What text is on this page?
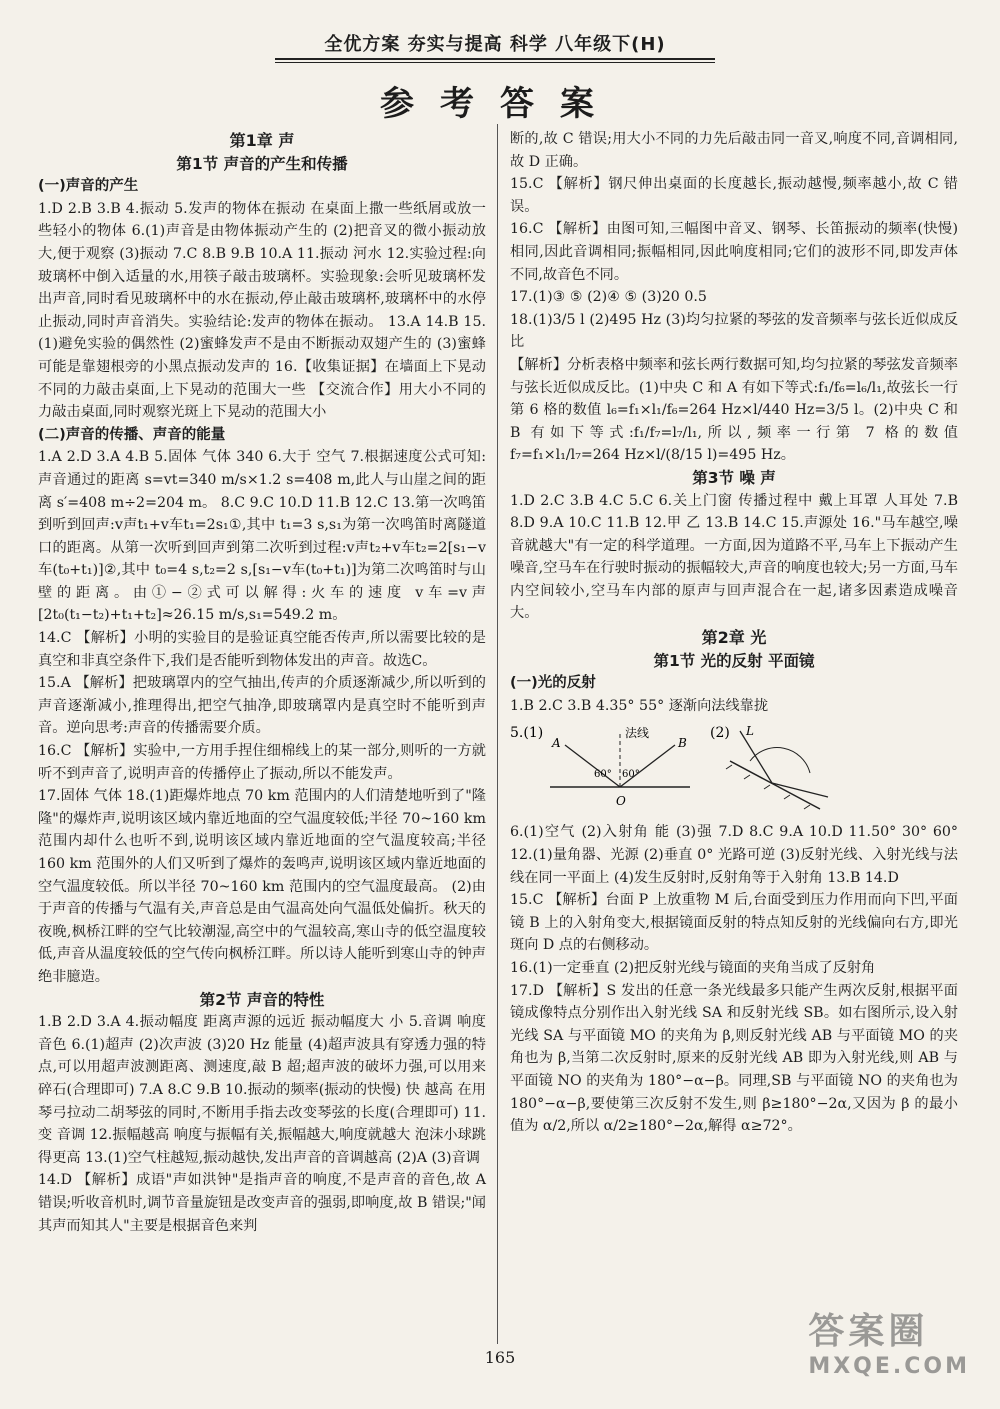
全优方案 夯实与提高 科学 八年级下(H)
参考答案

第1章 声

第1节 声音的产生和传播

(一)声音的产生

1.D 2.B 3.B 4.振动 5.发声的物体在振动 在桌面上撒一些纸屑或放一些轻小的物体 6.(1)声音是由物体振动产生的 (2)把音叉的微小振动放大,便于观察 (3)振动 7.C 8.B 9.B 10.A 11.振动 河水 12.实验过程:向玻璃杯中倒入适量的水,用筷子敲击玻璃杯。实验现象:会听见玻璃杯发出声音,同时看见玻璃杯中的水在振动,停止敲击玻璃杯,玻璃杯中的水停止振动,同时声音消失。实验结论:发声的物体在振动。 13.A 14.B 15.(1)避免实验的偶然性 (2)蜜蜂发声不是由不断振动双翅产生的 (3)蜜蜂可能是靠翅根旁的小黑点振动发声的 16.【收集证据】在墙面上下晃动不同的力敲击桌面,上下晃动的范围大一些 【交流合作】用大小不同的力敲击桌面,同时观察光斑上下晃动的范围大小

(二)声音的传播、声音的能量

1.A 2.D 3.A 4.B 5.固体 气体 340 6.大于 空气 7.根据速度公式可知:声音通过的距离 s=vt=340 m/s×1.2 s=408 m,此人与山崖之间的距离 s′=408 m÷2=204 m。 8.C 9.C 10.D 11.B 12.C 13.第一次鸣笛到听到回声:v声t₁+v车t₁=2s₁①,其中 t₁=3 s,s₁为第一次鸣笛时离隧道口的距离。从第一次听到回声到第二次听到过程:v声t₂+v车t₂=2[s₁−v车(t₀+t₁)]②,其中 t₀=4 s,t₂=2 s,[s₁−v车(t₀+t₁)]为第二次鸣笛时与山壁的距离。由①−②式可以解得:火车的速度 v车=v声[2t₀(t₁−t₂)+t₁+t₂]≈26.15 m/s,s₁=549.2 m。

14.C 【解析】小明的实验目的是验证真空能否传声,所以需要比较的是真空和非真空条件下,我们是否能听到物体发出的声音。故选C。

15.A 【解析】把玻璃罩内的空气抽出,传声的介质逐渐减少,所以听到的声音逐渐减小,推理得出,把空气抽净,即玻璃罩内是真空时不能听到声音。逆向思考:声音的传播需要介质。

16.C 【解析】实验中,一方用手捏住细棉线上的某一部分,则听的一方就听不到声音了,说明声音的传播停止了振动,所以不能发声。

17.固体 气体 18.(1)距爆炸地点 70 km 范围内的人们清楚地听到了"隆隆"的爆炸声,说明该区域内靠近地面的空气温度较低;半径 70~160 km 范围内却什么也听不到,说明该区域内靠近地面的空气温度较高;半径 160 km 范围外的人们又听到了爆炸的轰鸣声,说明该区域内靠近地面的空气温度较低。所以半径 70~160 km 范围内的空气温度最高。 (2)由于声音的传播与气温有关,声音总是由气温高处向气温低处偏折。秋天的夜晚,枫桥江畔的空气比较潮湿,高空中的气温较高,寒山寺的低空温度较低,声音从温度较低的空气传向枫桥江畔。所以诗人能听到寒山寺的钟声绝非臆造。

第2节 声音的特性

1.B 2.D 3.A 4.振动幅度 距离声源的远近 振动幅度大 小 5.音调 响度 音色 6.(1)超声 (2)次声波 (3)20 Hz 能量 (4)超声波具有穿透力强的特点,可以用超声波测距离、测速度,敲 B 超;超声波的破坏力强,可以用来碎石(合理即可) 7.A 8.C 9.B 10.振动的频率(振动的快慢) 快 越高 在用琴弓拉动二胡琴弦的同时,不断用手指去改变琴弦的长度(合理即可) 11.变 音调 12.振幅越高 响度与振幅有关,振幅越大,响度就越大 泡沫小球跳得更高 13.(1)空气柱越短,振动越快,发出声音的音调越高 (2)A (3)音调

14.D 【解析】成语"声如洪钟"是指声音的响度,不是声音的音色,故 A 错误;听收音机时,调节音量旋钮是改变声音的强弱,即响度,故 B 错误;"闻其声而知其人"主要是根据音色来判

断的,故 C 错误;用大小不同的力先后敲击同一音叉,响度不同,音调相同,故 D 正确。

15.C 【解析】钢尺伸出桌面的长度越长,振动越慢,频率越小,故 C 错误。

16.C 【解析】由图可知,三幅图中音叉、钢琴、长笛振动的频率(快慢)相同,因此音调相同;振幅相同,因此响度相同;它们的波形不同,即发声体不同,故音色不同。

17.(1)③ ⑤ (2)④ ⑤ (3)20 0.5

18.(1)3/5 l (2)495 Hz (3)均匀拉紧的琴弦的发音频率与弦长近似成反比

【解析】分析表格中频率和弦长两行数据可知,均匀拉紧的琴弦发音频率与弦长近似成反比。(1)中央 C 和 A 有如下等式:f₁/f₆=l₆/l₁,故弦长一行第 6 格的数值 l₆=f₁×l₁/f₆=264 Hz×l/440 Hz=3/5 l。(2)中央 C 和 B 有如下等式:f₁/f₇=l₇/l₁,所以,频率一行第 7 格的数值 f₇=f₁×l₁/l₇=264 Hz×l/(8/15 l)=495 Hz。

第3节 噪 声

1.D 2.C 3.B 4.C 5.C 6.关上门窗 传播过程中 戴上耳罩 人耳处 7.B 8.D 9.A 10.C 11.B 12.甲 乙 13.B 14.C 15.声源处 16."马车越空,噪音就越大"有一定的科学道理。一方面,因为道路不平,马车上下振动产生噪音,空马车在行驶时振动的振幅较大,声音的响度也较大;另一方面,马车内空间较小,空马车内部的原声与回声混合在一起,诸多因素造成噪音大。

第2章 光

第1节 光的反射 平面镜

(一)光的反射

1.B 2.C 3.B 4.35° 55° 逐渐向法线靠拢

5.(1)	法线
A	B
O
60° 60°
(2) L

6.(1)空气 (2)入射角 能 (3)强 7.D 8.C 9.A 10.D 11.50° 30° 60° 12.(1)量角器、光源 (2)垂直 0° 光路可逆 (3)反射光线、入射光线与法线在同一平面上 (4)发生反射时,反射角等于入射角 13.B 14.D

15.C 【解析】台面 P 上放重物 M 后,台面受到压力作用而向下凹,平面镜 B 上的入射角变大,根据镜面反射的特点知反射的光线偏向右方,即光斑向 D 点的右侧移动。

16.(1)一定垂直 (2)把反射光线与镜面的夹角当成了反射角

17.D 【解析】S 发出的任意一条光线最多只能产生两次反射,根据平面镜成像特点分别作出入射光线 SA 和反射光线 SB。如右图所示,设入射光线 SA 与平面镜 MO 的夹角为 β,则反射光线 AB 与平面镜 MO 的夹角也为 β,当第二次反射时,原来的反射光线 AB 即为入射光线,则 AB 与平面镜 NO 的夹角为 180°−α−β。同理,SB 与平面镜 NO 的夹角也为 180°−α−β,要使第三次反射不发生,则 β≥180°−2α,又因为 β 的最小值为 α/2,所以 α/2≥180°−2α,解得 α≥72°。

165
答案圈
MXQE.COM
